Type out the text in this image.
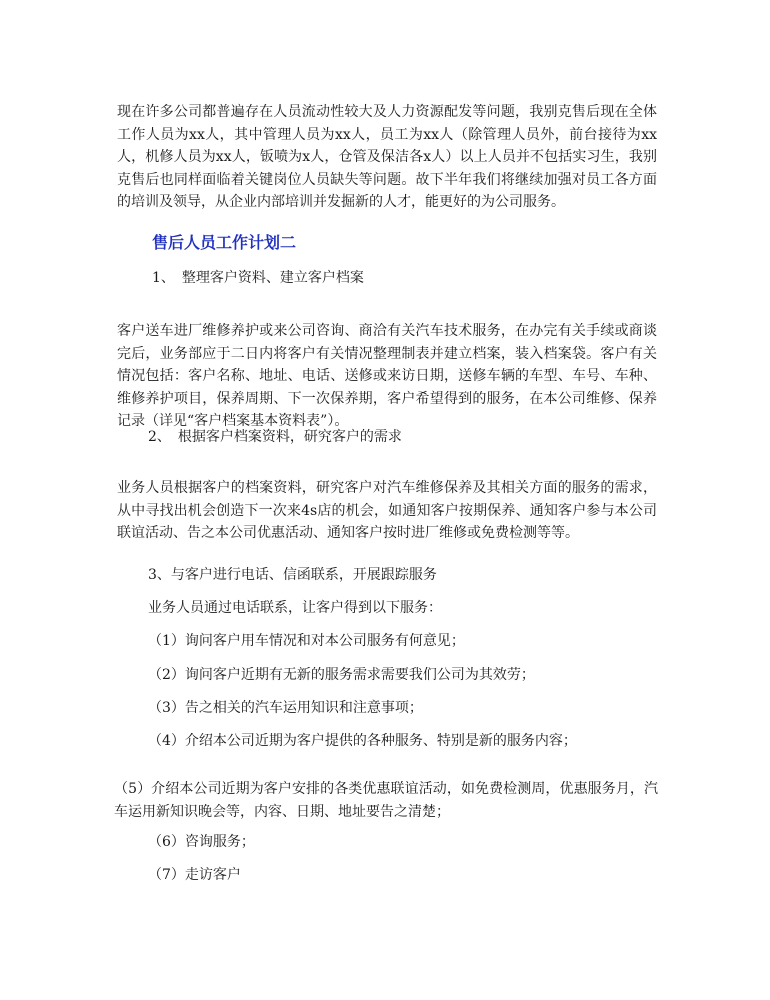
现在许多公司都普遍存在人员流动性较大及人力资源配发等问题，我别克售后现在全体工作人员为xx人，其中管理人员为xx人，员工为xx人（除管理人员外，前台接待为xx人，机修人员为xx人，钣喷为x人，仓管及保洁各x人）以上人员并不包括实习生，我别克售后也同样面临着关键岗位人员缺失等问题。故下半年我们将继续加强对员工各方面的培训及领导，从企业内部培训并发掘新的人才，能更好的为公司服务。

售后人员工作计划二

1、　整理客户资料、建立客户档案

客户送车进厂维修养护或来公司咨询、商洽有关汽车技术服务，在办完有关手续或商谈完后，业务部应于二日内将客户有关情况整理制表并建立档案，装入档案袋。客户有关情况包括：客户名称、地址、电话、送修或来访日期，送修车辆的车型、车号、车种、维修养护项目，保养周期、下一次保养期，客户希望得到的服务，在本公司维修、保养记录（详见“客户档案基本资料表”）。

2、　根据客户档案资料，研究客户的需求

业务人员根据客户的档案资料，研究客户对汽车维修保养及其相关方面的服务的需求，从中寻找出机会创造下一次来4s店的机会，如通知客户按期保养、通知客户参与本公司联谊活动、告之本公司优惠活动、通知客户按时进厂维修或免费检测等等。

3、与客户进行电话、信函联系，开展跟踪服务

业务人员通过电话联系，让客户得到以下服务：

（1）询问客户用车情况和对本公司服务有何意见；

（2）询问客户近期有无新的服务需求需要我们公司为其效劳；

（3）告之相关的汽车运用知识和注意事项；

（4）介绍本公司近期为客户提供的各种服务、特别是新的服务内容；

（5）介绍本公司近期为客户安排的各类优惠联谊活动，如免费检测周，优惠服务月，汽车运用新知识晚会等，内容、日期、地址要告之清楚；

（6）咨询服务；

（7）走访客户
